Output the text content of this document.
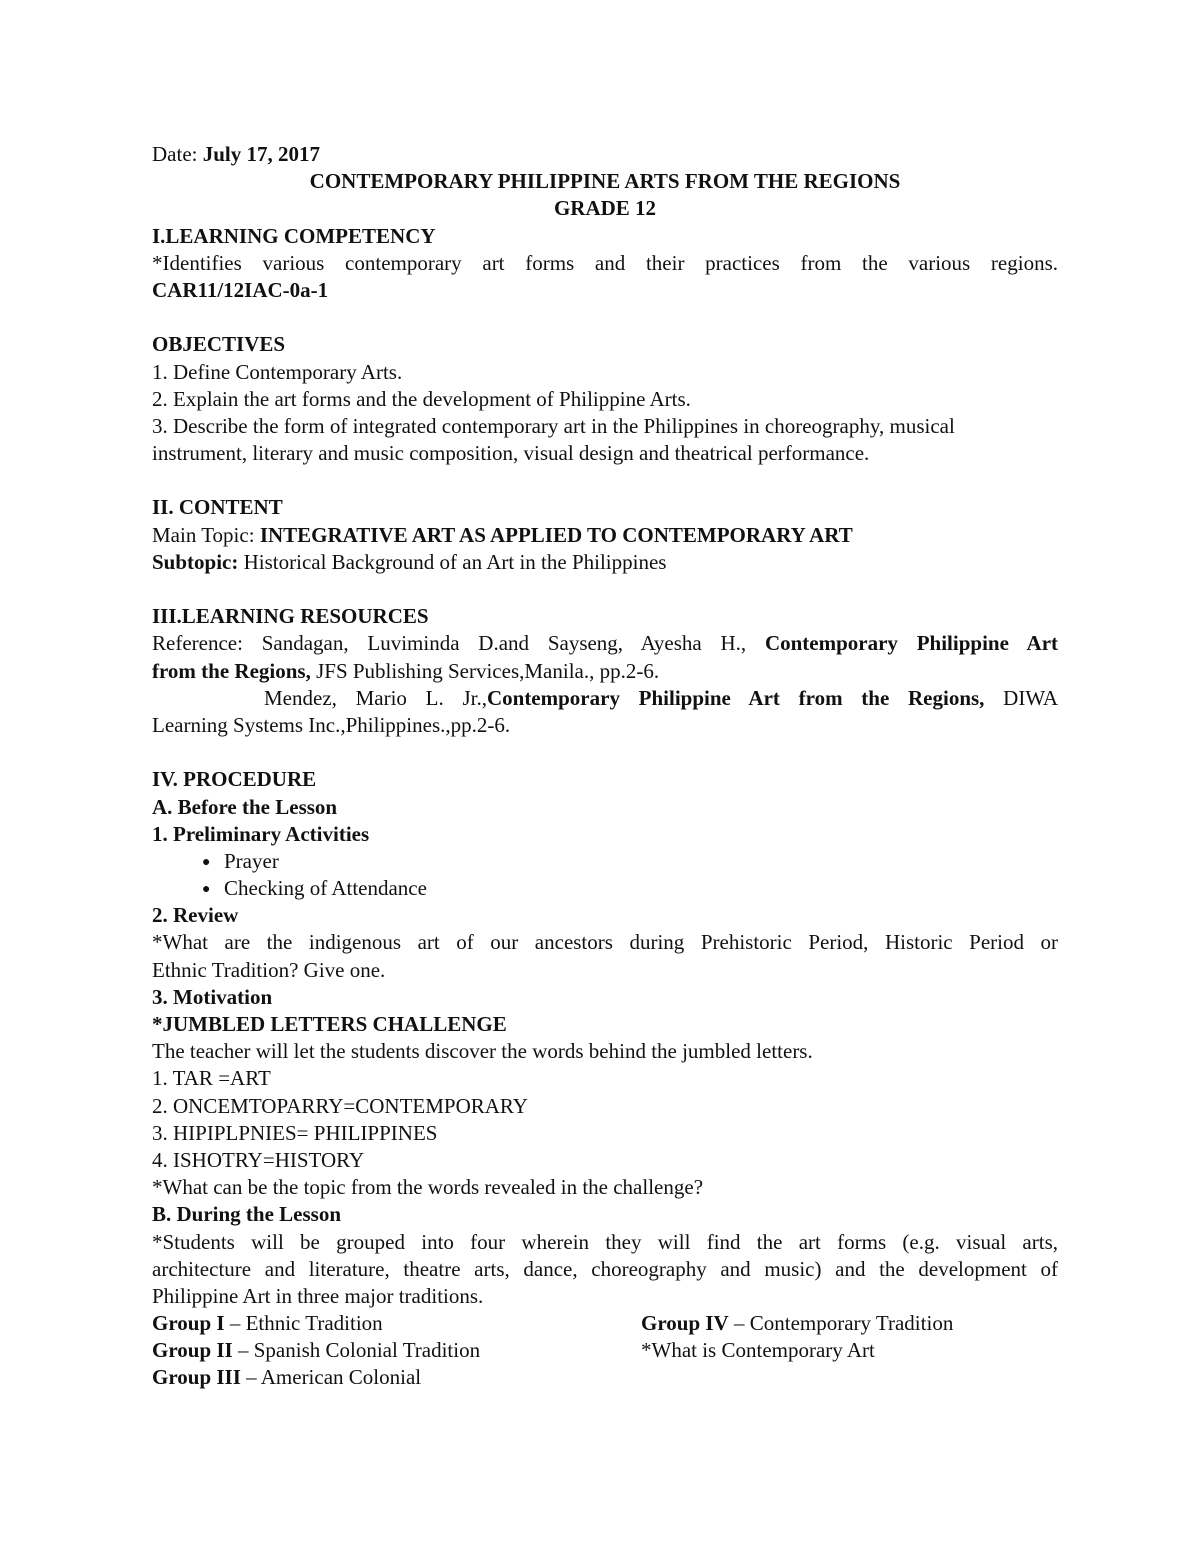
Date: July 17, 2017
CONTEMPORARY PHILIPPINE ARTS FROM THE REGIONS
GRADE 12
I.LEARNING COMPETENCY
*Identifies various contemporary art forms and their practices from the various regions.
CAR11/12IAC-0a-1
OBJECTIVES
1. Define Contemporary Arts.
2. Explain the art forms and the development of Philippine Arts.
3. Describe the form of integrated contemporary art in the Philippines in choreography, musical
instrument, literary and music composition, visual design and theatrical performance.
II. CONTENT
Main Topic: INTEGRATIVE ART AS APPLIED TO CONTEMPORARY ART
Subtopic: Historical Background of an Art in the Philippines
III.LEARNING RESOURCES
Reference: Sandagan, Luviminda D.and Sayseng, Ayesha H., Contemporary Philippine Art
from the Regions, JFS Publishing Services,Manila., pp.2-6.
Mendez, Mario L. Jr.,Contemporary Philippine Art from the Regions, DIWA
Learning Systems Inc.,Philippines.,pp.2-6.
IV. PROCEDURE
A. Before the Lesson
1. Preliminary Activities
● Prayer
● Checking of Attendance
2. Review
*What are the indigenous art of our ancestors during Prehistoric Period, Historic Period or
Ethnic Tradition? Give one.
3. Motivation
*JUMBLED LETTERS CHALLENGE
The teacher will let the students discover the words behind the jumbled letters.
1. TAR =ART
2. ONCEMTOPARRY=CONTEMPORARY
3. HIPIPLPNIES= PHILIPPINES
4. ISHOTRY=HISTORY
*What can be the topic from the words revealed in the challenge?
B. During the Lesson
*Students will be grouped into four wherein they will find the art forms (e.g. visual arts,
architecture and literature, theatre arts, dance, choreography and music) and the development of
Philippine Art in three major traditions.
Group I – Ethnic Tradition	Group IV – Contemporary Tradition
Group II – Spanish Colonial Tradition	*What is Contemporary Art
Group III – American Colonial
